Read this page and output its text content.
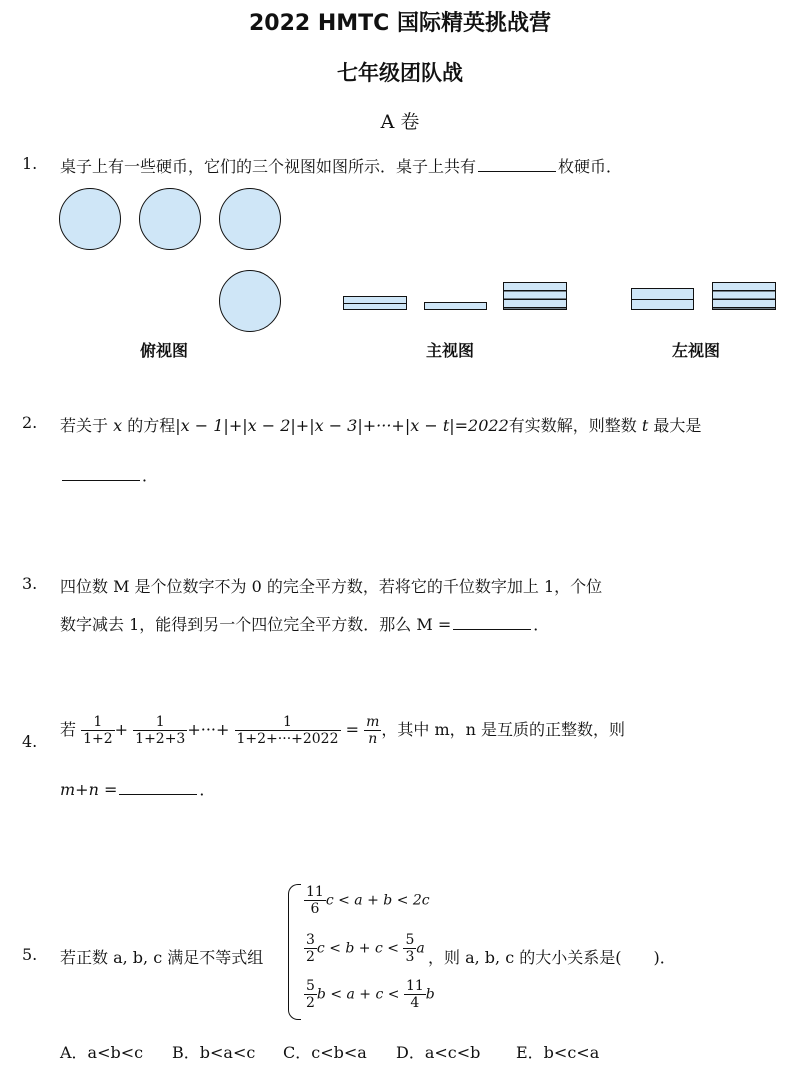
2022 HMTC 国际精英挑战营
七年级团队战
A 卷
1. 桌子上有一些硬币，它们的三个视图如图所示．桌子上共有	枚硬币．
俯视图	主视图	左视图
2. 若关于 x 的方程|x − 1|+|x − 2|+|x − 3|+···+|x − t|=2022有实数解，则整数 t 最大是
．
3. 四位数 M 是个位数字不为 0 的完全平方数，若将它的千位数字加上 1，个位
数字减去 1，能得到另一个四位完全平方数．那么 M =	．
4.
若 $\frac{1}{1+2} + \frac{1}{1+2+3}$ +···+ $\frac{1}{1+2+\cdot\cdot\cdot+2022} = \frac{m}{n}$ ，其中 m，n 是互质的正整数，则
m+n =	．
5. 若正数 a, b, c 满足不等式组
$\frac{11}{6}$ c < a + b < 2c
$\frac{3}{2}$ $c < b + c < \frac{5}{3}$ a
$\frac{5}{2}$ $b < a + c < \frac{11}{4}$ b
，则 a, b, c 的大小关系是(　　)．
A．a<b<c B．b<a<c C．c<b<a D．a<c<b E．b<c<a
